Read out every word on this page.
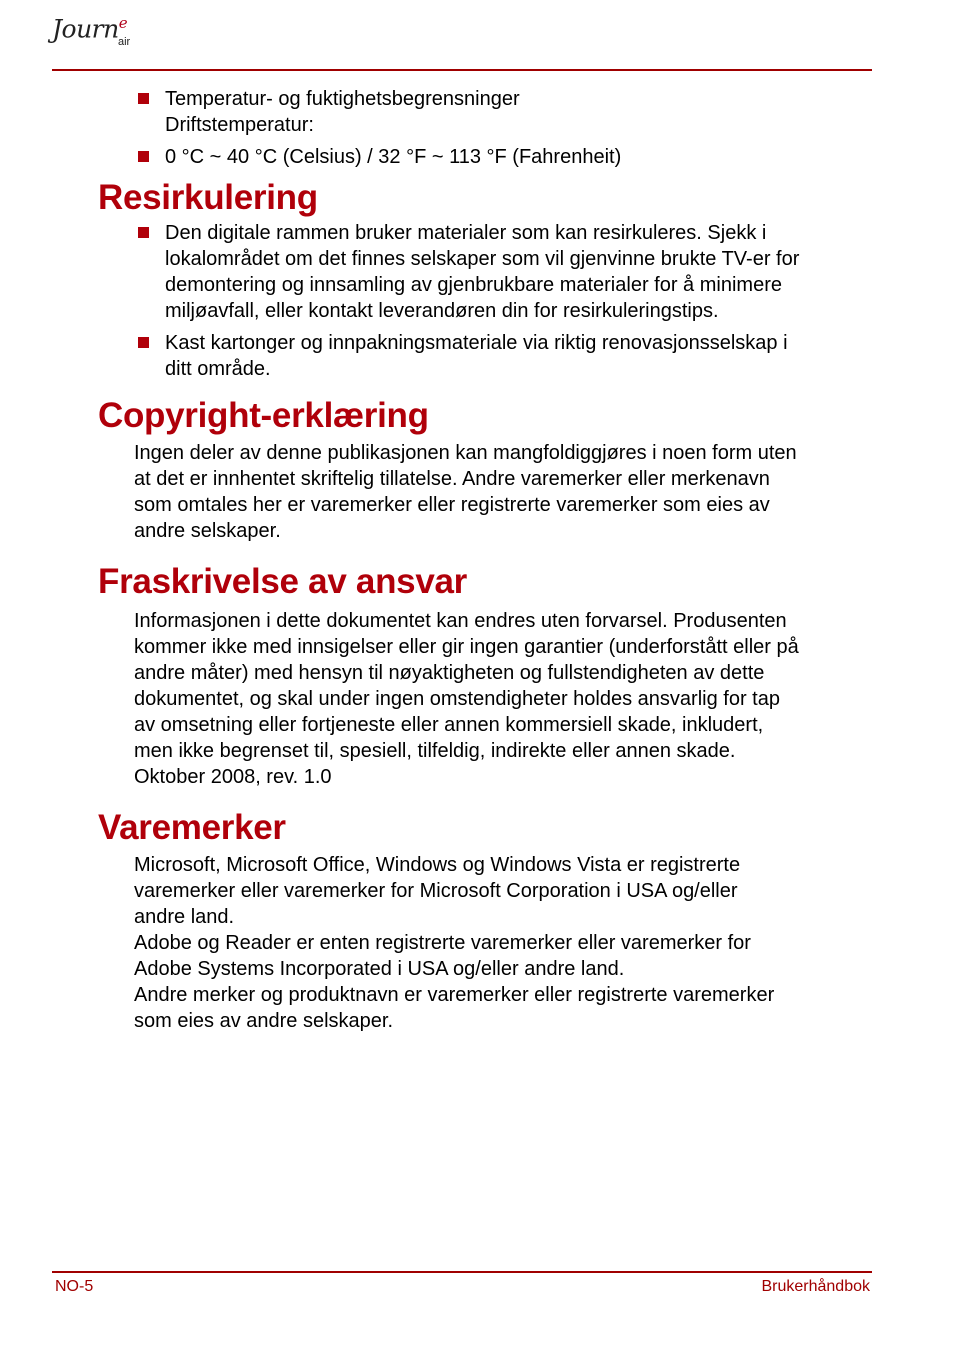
Journ$^e$
air
Temperatur- og fuktighetsbegrensninger
Driftstemperatur:
0 °C ~ 40 °C (Celsius) / 32 °F ~ 113 °F (Fahrenheit)
Resirkulering
Den digitale rammen bruker materialer som kan resirkuleres. Sjekk i
lokalområdet om det finnes selskaper som vil gjenvinne brukte TV-er for
demontering og innsamling av gjenbrukbare materialer for å minimere
miljøavfall, eller kontakt leverandøren din for resirkuleringstips.
Kast kartonger og innpakningsmateriale via riktig renovasjonsselskap i
ditt område.
Copyright-erklæring
Ingen deler av denne publikasjonen kan mangfoldiggjøres i noen form uten
at det er innhentet skriftelig tillatelse. Andre varemerker eller merkenavn
som omtales her er varemerker eller registrerte varemerker som eies av
andre selskaper.
Fraskrivelse av ansvar
Informasjonen i dette dokumentet kan endres uten forvarsel. Produsenten
kommer ikke med innsigelser eller gir ingen garantier (underforstått eller på
andre måter) med hensyn til nøyaktigheten og fullstendigheten av dette
dokumentet, og skal under ingen omstendigheter holdes ansvarlig for tap
av omsetning eller fortjeneste eller annen kommersiell skade, inkludert,
men ikke begrenset til, spesiell, tilfeldig, indirekte eller annen skade.
Oktober 2008, rev. 1.0
Varemerker
Microsoft, Microsoft Office, Windows og Windows Vista er registrerte
varemerker eller varemerker for Microsoft Corporation i USA og/eller
andre land.
Adobe og Reader er enten registrerte varemerker eller varemerker for
Adobe Systems Incorporated i USA og/eller andre land.
Andre merker og produktnavn er varemerker eller registrerte varemerker
som eies av andre selskaper.
NO-5	Brukerhåndbok
